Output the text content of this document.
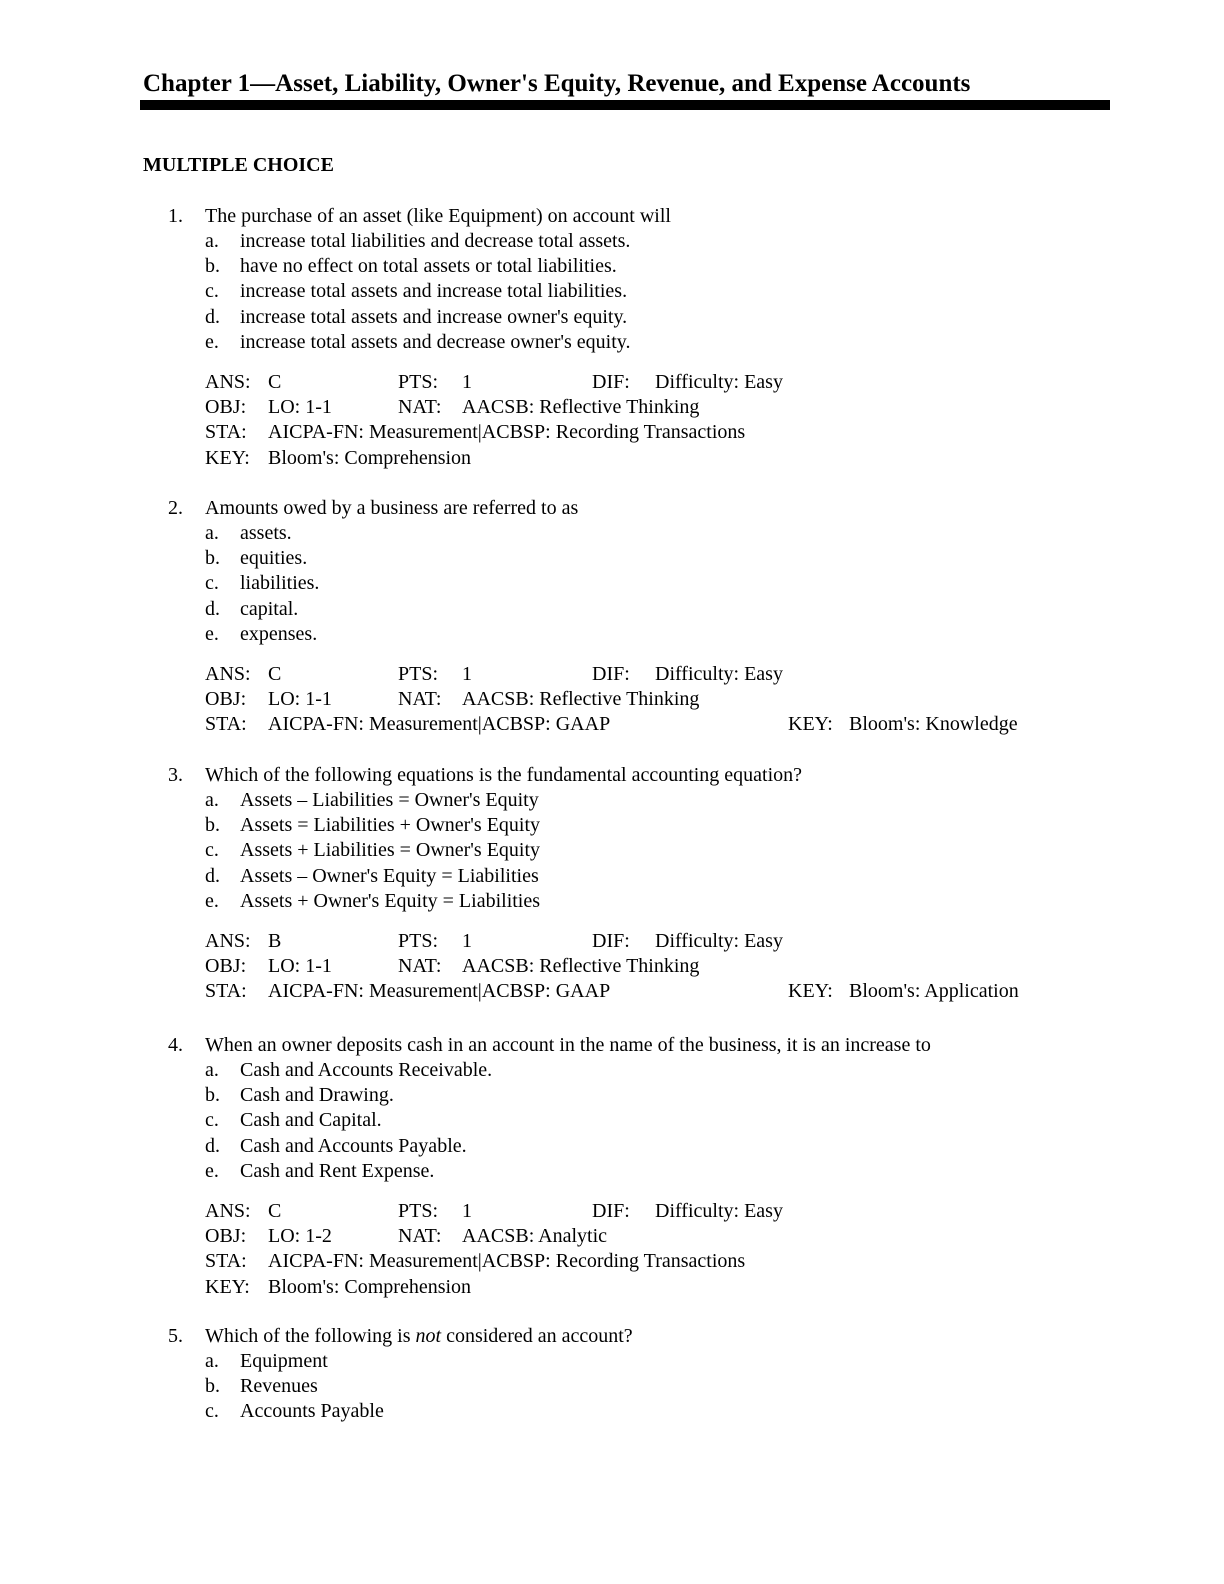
Chapter 1—Asset, Liability, Owner's Equity, Revenue, and Expense Accounts
MULTIPLE CHOICE
1. The purchase of an asset (like Equipment) on account will
a. increase total liabilities and decrease total assets.
b. have no effect on total assets or total liabilities.
c. increase total assets and increase total liabilities.
d. increase total assets and increase owner's equity.
e. increase total assets and decrease owner's equity.
ANS: C	PTS: 1	DIF: Difficulty: Easy
OBJ: LO: 1-1	NAT: AACSB: Reflective Thinking
STA: AICPA-FN: Measurement|ACBSP: Recording Transactions
KEY: Bloom's: Comprehension
2. Amounts owed by a business are referred to as
a. assets.
b. equities.
c. liabilities.
d. capital.
e. expenses.
ANS: C	PTS: 1	DIF: Difficulty: Easy
OBJ: LO: 1-1	NAT: AACSB: Reflective Thinking
STA: AICPA-FN: Measurement|ACBSP: GAAP	KEY: Bloom's: Knowledge
3. Which of the following equations is the fundamental accounting equation?
a. Assets – Liabilities = Owner's Equity
b. Assets = Liabilities + Owner's Equity
c. Assets + Liabilities = Owner's Equity
d. Assets – Owner's Equity = Liabilities
e. Assets + Owner's Equity = Liabilities
ANS: B	PTS: 1	DIF: Difficulty: Easy
OBJ: LO: 1-1	NAT: AACSB: Reflective Thinking
STA: AICPA-FN: Measurement|ACBSP: GAAP	KEY: Bloom's: Application
4. When an owner deposits cash in an account in the name of the business, it is an increase to
a. Cash and Accounts Receivable.
b. Cash and Drawing.
c. Cash and Capital.
d. Cash and Accounts Payable.
e. Cash and Rent Expense.
ANS: C	PTS: 1	DIF: Difficulty: Easy
OBJ: LO: 1-2	NAT: AACSB: Analytic
STA: AICPA-FN: Measurement|ACBSP: Recording Transactions
KEY: Bloom's: Comprehension
5. Which of the following is not considered an account?
a. Equipment
b. Revenues
c. Accounts Payable
